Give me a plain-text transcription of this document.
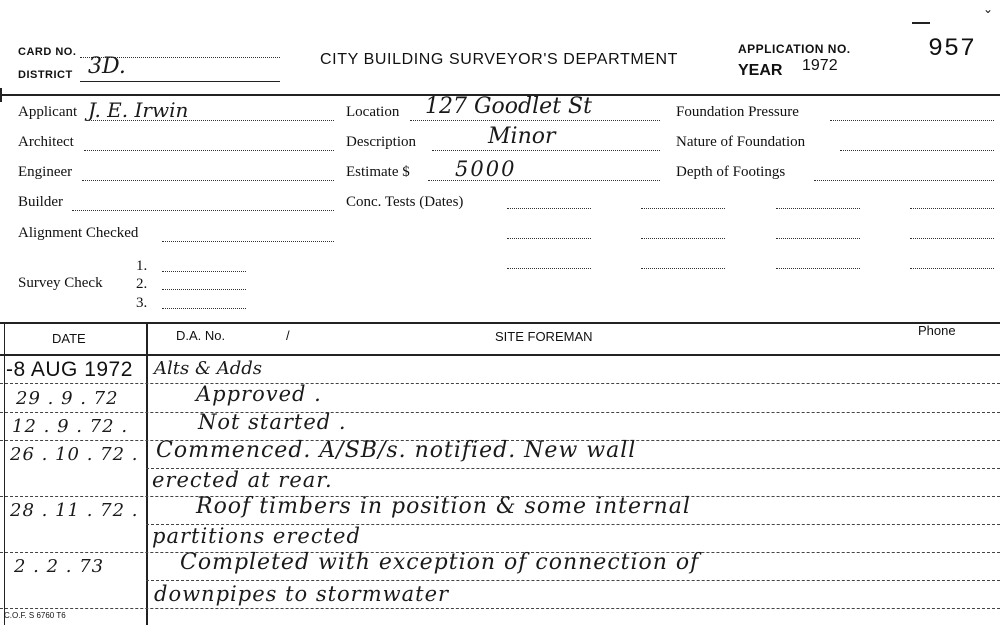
CARD NO.
DISTRICT 3D.	CITY BUILDING SURVEYOR'S DEPARTMENT
APPLICATION NO.
YEAR 1972
957
⌄
Applicant J. E. Irwin
Architect
Engineer
Builder
Alignment Checked
Survey Check
1.
2.
3.
Location 127 Goodlet St
Description	Minor
Estimate $ 5000
Conc. Tests (Dates)
Foundation Pressure
Nature of Foundation
Depth of Footings
DATE	D.A. No.	/	SITE FOREMAN	Phone
-8 AUG 1972 Alts & Adds
29 . 9 . 72	Approved .
12 . 9 . 72 .	Not started .
26 . 10 . 72 . Commenced. A/SB/s. notified. New wall
erected at rear.
28 . 11 . 72 .	Roof timbers in position & some internal
partitions erected
2 . 2 . 73	Completed with exception of connection of
downpipes to stormwater
C.O.F. S 6760 T6
